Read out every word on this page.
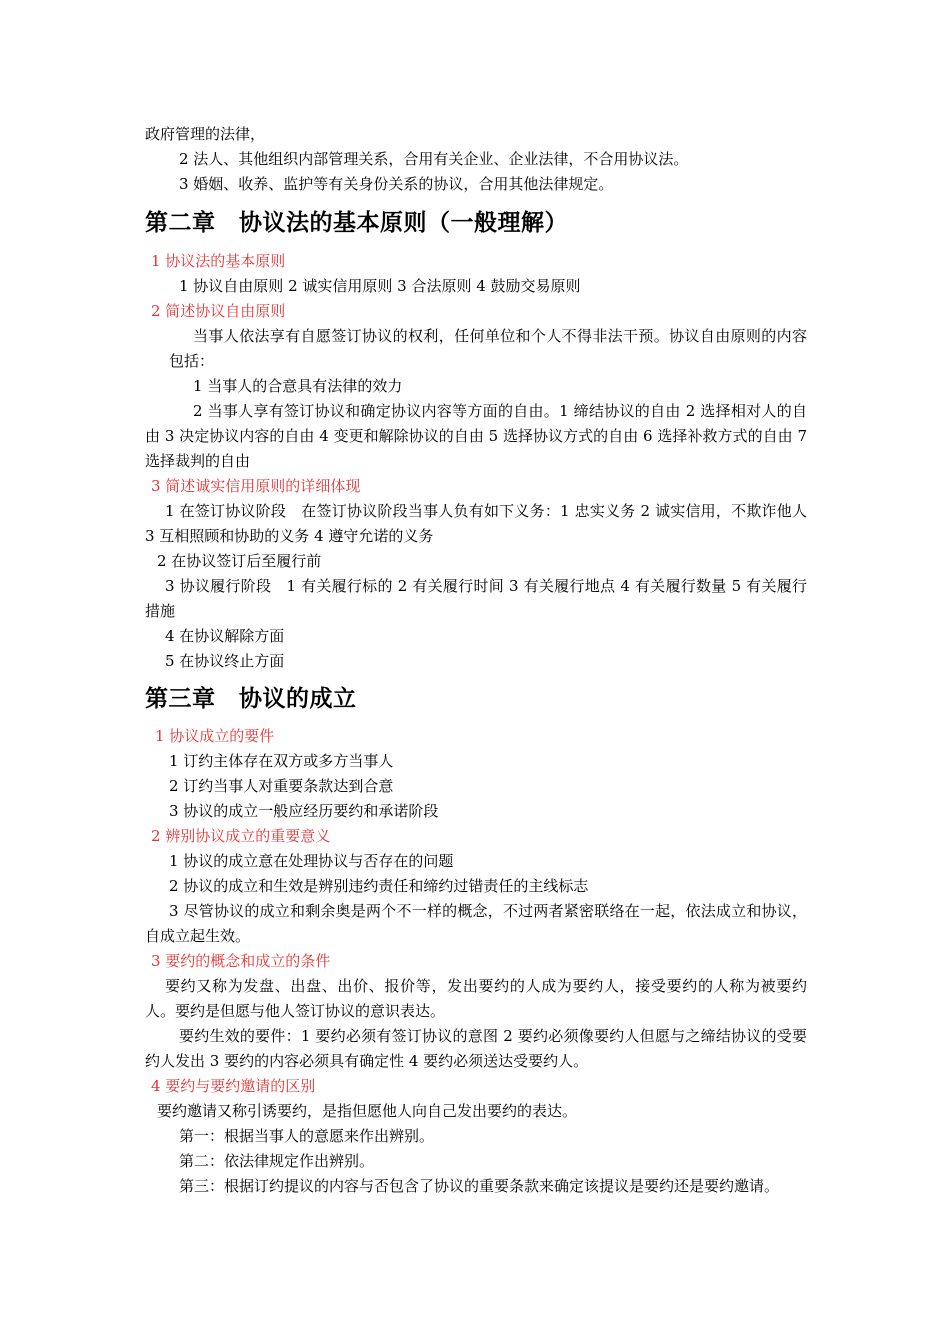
政府管理的法律，

2 法人、其他组织内部管理关系，合用有关企业、企业法律，不合用协议法。

3 婚姻、收养、监护等有关身份关系的协议，合用其他法律规定。

第二章　协议法的基本原则（一般理解）

1 协议法的基本原则

1 协议自由原则 2 诚实信用原则 3 合法原则 4 鼓励交易原则

2 简述协议自由原则

当事人依法享有自愿签订协议的权利，任何单位和个人不得非法干预。协议自由原则的内容包括：

1 当事人的合意具有法律的效力

2 当事人享有签订协议和确定协议内容等方面的自由。1 缔结协议的自由 2 选择相对人的自由 3 决定协议内容的自由 4 变更和解除协议的自由 5 选择协议方式的自由 6 选择补救方式的自由 7 选择裁判的自由

3 简述诚实信用原则的详细体现

1 在签订协议阶段　在签订协议阶段当事人负有如下义务：1 忠实义务 2 诚实信用，不欺诈他人 3 互相照顾和协助的义务 4 遵守允诺的义务

2 在协议签订后至履行前

3 协议履行阶段　1 有关履行标的 2 有关履行时间 3 有关履行地点 4 有关履行数量 5 有关履行措施

4 在协议解除方面

5 在协议终止方面

第三章　协议的成立

1 协议成立的要件

1 订约主体存在双方或多方当事人

2 订约当事人对重要条款达到合意

3 协议的成立一般应经历要约和承诺阶段

2 辨别协议成立的重要意义

1 协议的成立意在处理协议与否存在的问题

2 协议的成立和生效是辨别违约责任和缔约过错责任的主线标志

3 尽管协议的成立和剩余奥是两个不一样的概念，不过两者紧密联络在一起，依法成立和协议，自成立起生效。

3 要约的概念和成立的条件

要约又称为发盘、出盘、出价、报价等，发出要约的人成为要约人，接受要约的人称为被要约人。要约是但愿与他人签订协议的意识表达。

要约生效的要件：1 要约必须有签订协议的意图 2 要约必须像要约人但愿与之缔结协议的受要约人发出 3 要约的内容必须具有确定性 4 要约必须送达受要约人。

4 要约与要约邀请的区别

要约邀请又称引诱要约，是指但愿他人向自己发出要约的表达。

第一：根据当事人的意愿来作出辨别。

第二：依法律规定作出辨别。

第三：根据订约提议的内容与否包含了协议的重要条款来确定该提议是要约还是要约邀请。
